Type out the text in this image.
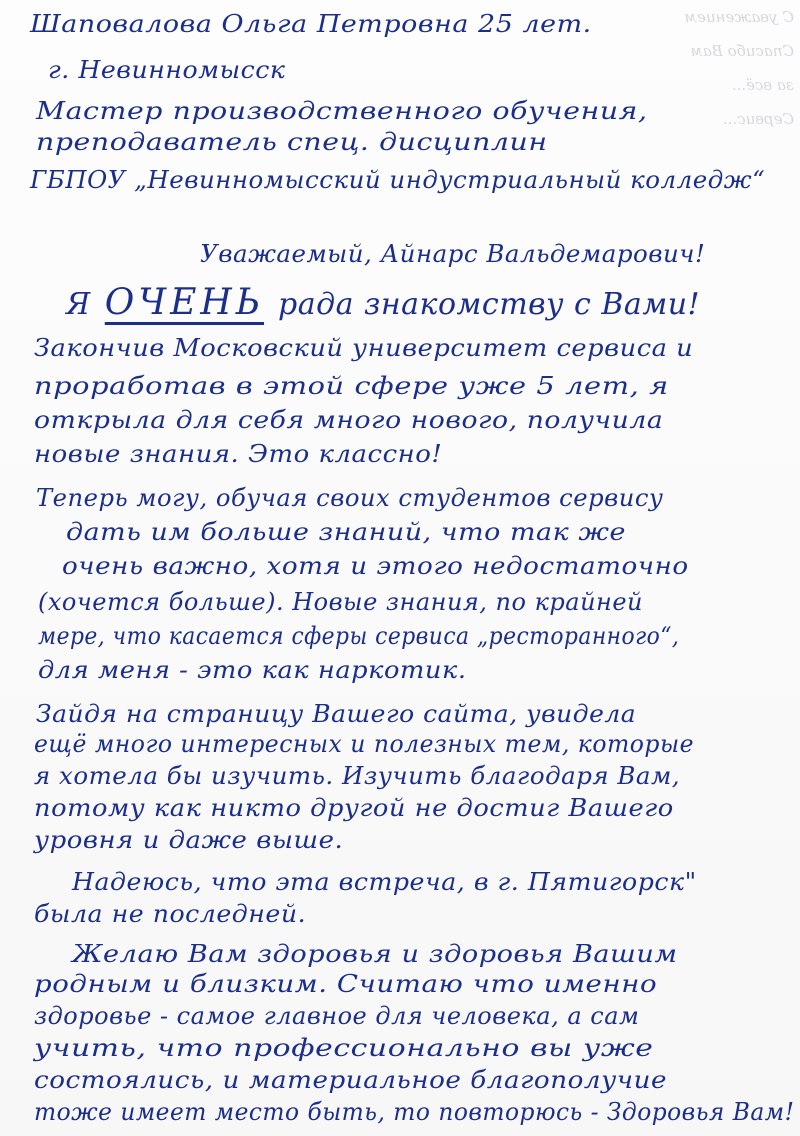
С уважением
Спасибо Вам
за всё...
Сервис...
Шаповалова Ольга Петровна 25 лет.
г. Невинномысск
Мастер производственного обучения,
преподаватель спец. дисциплин
ГБПОУ „Невинномысский индустриальный колледж“
Уважаемый, Айнарс Вальдемарович!
Я ОЧЕНЬ рада знакомству с Вами!
Закончив Московский университет сервиса и
проработав в этой сфере уже 5 лет, я
открыла для себя много нового, получила
новые знания. Это классно!
Теперь могу, обучая своих студентов сервису
дать им больше знаний, что так же
очень важно, хотя и этого недостаточно
(хочется больше). Новые знания, по крайней
мере, что касается сферы сервиса „ресторанного“,
для меня - это как наркотик.
Зайдя на страницу Вашего сайта, увидела
ещё много интересных и полезных тем, которые
я хотела бы изучить. Изучить благодаря Вам,
потому как никто другой не достиг Вашего
уровня и даже выше.
Надеюсь, что эта встреча, в г. Пятигорск"
была не последней.
Желаю Вам здоровья и здоровья Вашим
родным и близким. Считаю что именно
здоровье - самое главное для человека, а сам
учить, что профессионально вы уже
состоялись, и материальное благополучие
тоже имеет место быть, то повторюсь - Здоровья Вам!
